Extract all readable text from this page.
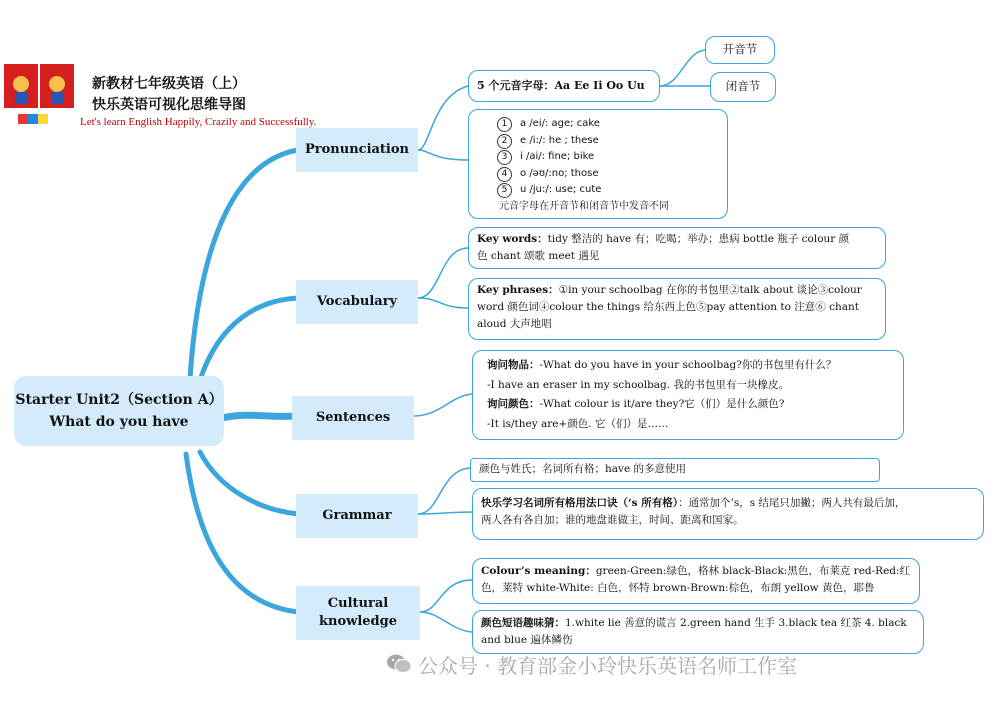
新教材七年级英语（上）
快乐英语可视化思维导图
Let's learn English Happily, Crazily and Successfully.
Starter Unit2（Section A）
What do you have
Pronunciation
Vocabulary
Sentences
Grammar
Cultural knowledge
5 个元音字母：Aa Ee Ii Oo Uu
开音节
闭音节
1 a /ei/: age; cake
2 e /i:/: he ; these
3 i /ai/: fine; bike
4 o /əʊ/:no; those
5 u /ju:/: use; cute
元音字母在开音节和闭音节中发音不同
Key words：tidy 整洁的 have 有；吃喝；举办；患病 bottle 瓶子 colour 颜
色 chant 颂歌 meet 遇见
Key phrases：①in your schoolbag 在你的书包里②talk about 谈论③colour
word 颜色词④colour the things 给东西上色⑤pay attention to 注意⑥ chant
aloud 大声地唱
询问物品：-What do you have in your schoolbag?你的书包里有什么？
-I have an eraser in my schoolbag. 我的书包里有一块橡皮。
询问颜色：-What colour is it/are they?它（们）是什么颜色?
-It is/they are+颜色. 它（们）是……
颜色与姓氏；名词所有格；have 的多意使用
快乐学习名词所有格用法口诀（‘s 所有格）：通常加个’s，s 结尾只加撇；两人共有最后加，
两人各有各自加；谁的地盘谁做主，时间、距离和国家。
Colour’s meaning：green-Green:绿色，格林 black-Black:黑色，布莱克 red-Red:红
色，莱特 white-White: 白色，怀特 brown-Brown:棕色，布朗 yellow 黄色，耶鲁
颜色短语趣味猜：1.white lie 善意的谎言 2.green hand 生手 3.black tea 红茶 4. black
and blue 遍体鳞伤
公众号 · 教育部金小玲快乐英语名师工作室
